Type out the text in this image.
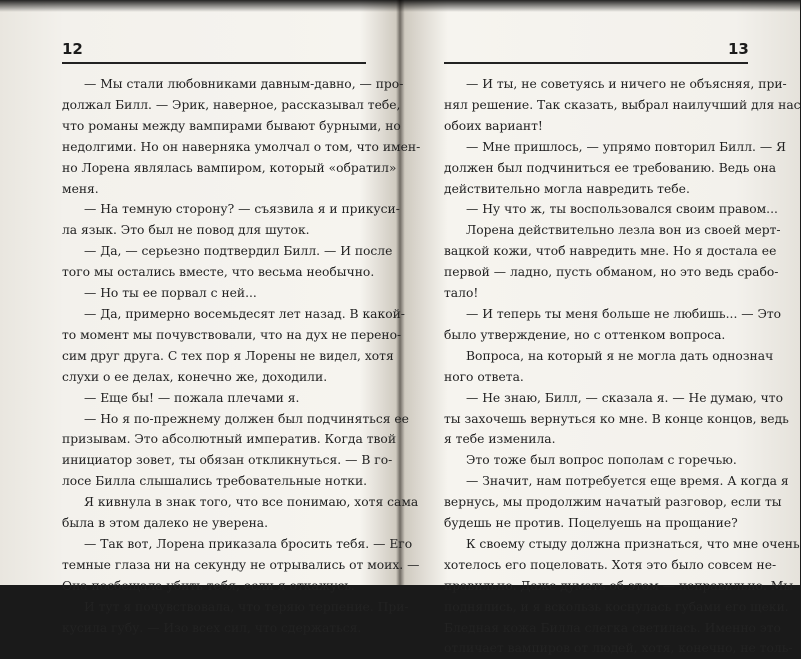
12
— Мы стали любовниками давным-давно, — про-
должал Билл. — Эрик, наверное, рассказывал тебе,
что романы между вампирами бывают бурными, но
недолгими. Но он наверняка умолчал о том, что имен-
но Лорена являлась вампиром, который «обратил»
меня.
— На темную сторону? — съязвила я и прикуси-
ла язык. Это был не повод для шуток.
— Да, — серьезно подтвердил Билл. — И после
того мы остались вместе, что весьма необычно.
— Но ты ее порвал с ней...
— Да, примерно восемьдесят лет назад. В какой-
то момент мы почувствовали, что на дух не перено-
сим друг друга. С тех пор я Лорены не видел, хотя
слухи о ее делах, конечно же, доходили.
— Еще бы! — пожала плечами я.
— Но я по-прежнему должен был подчиняться ее
призывам. Это абсолютный императив. Когда твой
инициатор зовет, ты обязан откликнуться. — В го-
лосе Билла слышались требовательные нотки.
Я кивнула в знак того, что все понимаю, хотя сама
была в этом далеко не уверена.
— Так вот, Лорена приказала бросить тебя. — Его
темные глаза ни на секунду не отрывались от моих. —
Она посбещала убить тебя, если я откажусь.
И тут я почувствовала, что теряю терпение. При-
кусила губу. — Изо всех сил, что сдержаться.
13
— И ты, не советуясь и ничего не объясняя, при-
нял решение. Так сказать, выбрал наилучший для нас
обоих вариант!
— Мне пришлось, — упрямо повторил Билл. — Я
должен был подчиниться ее требованию. Ведь она
действительно могла навредить тебе.
— Ну что ж, ты воспользовался своим правом...
Лорена действительно лезла вон из своей мерт-
вацкой кожи, чтоб навредить мне. Но я достала ее
первой — ладно, пусть обманом, но это ведь срабо-
тало!
— И теперь ты меня больше не любишь... — Это
было утверждение, но с оттенком вопроса.
Вопроса, на который я не могла дать однознач
ного ответа.
— Не знаю, Билл, — сказала я. — Не думаю, что
ты захочешь вернуться ко мне. В конце концов, ведь
я тебе изменила.
Это тоже был вопрос пополам с горечью.
— Значит, нам потребуется еще время. А когда я
вернусь, мы продолжим начатый разговор, если ты
будешь не против. Поцелуешь на прощание?
К своему стыду должна признаться, что мне очень
хотелось его поцеловать. Хотя это было совсем не-
правильно. Даже думать об этом — неправильно. Мы
поднялись, и я вскользь коснулась губами его щеки.
Бледная кожа Билла слегка светилась. Именно это
отличает вампиров от людей, хотя, конечно, не толь-
